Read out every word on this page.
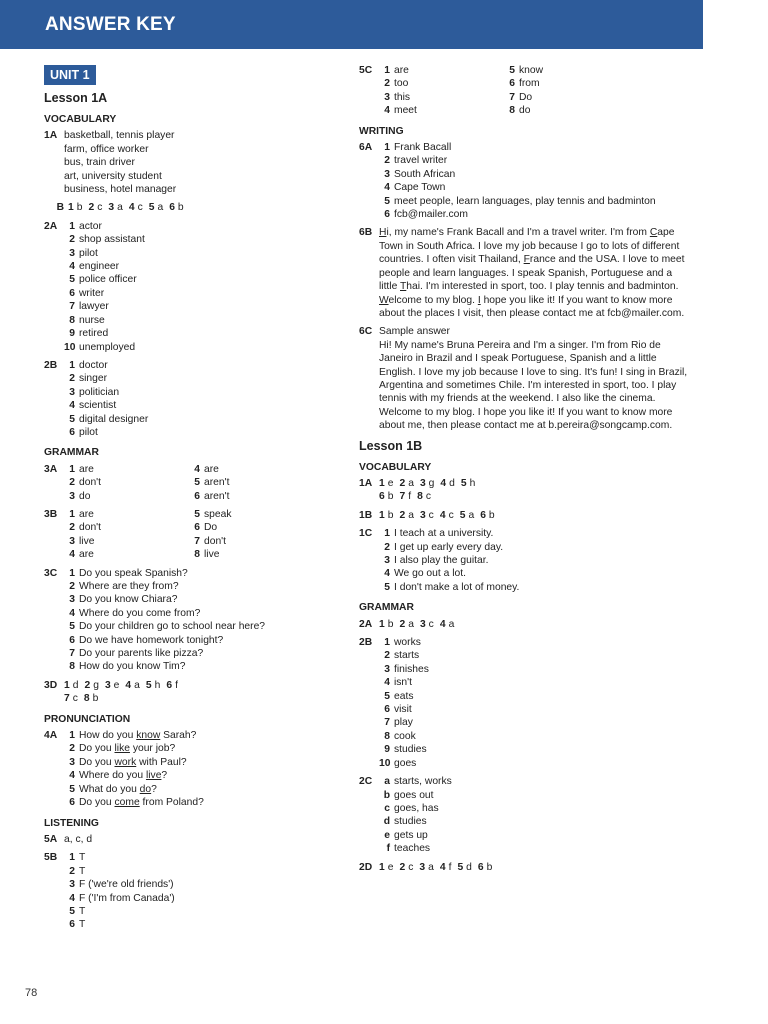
ANSWER KEY
UNIT 1
Lesson 1A
VOCABULARY
1A basketball, tennis player
farm, office worker
bus, train driver
art, university student
business, hotel manager
B 1 b 2 c 3 a 4 c 5 a 6 b
2A	1 actor
2 shop assistant
3 pilot
4 engineer
5 police officer
6 writer
7 lawyer
8 nurse
9 retired
10 unemployed
2B	1 doctor
2 singer
3 politician
4 scientist
5 digital designer
6 pilot
GRAMMAR
3A	1 are	4 are
2 don't	5 aren't
3 do	6 aren't
3B	1 are	5 speak
2 don't	6 Do
3 live	7 don't
4 are	8 live
3C	1 Do you speak Spanish?
2 Where are they from?
3 Do you know Chiara?
4 Where do you come from?
5 Do your children go to school near here?
6 Do we have homework tonight?
7 Do your parents like pizza?
8 How do you know Tim?
3D 1 d 2 g 3 e 4 a 5 h 6 f
7 c 8 b
PRONUNCIATION
4A	1 How do you know Sarah?
2 Do you like your job?
3 Do you work with Paul?
4 Where do you live?
5 What do you do?
6 Do you come from Poland?
LISTENING
5A a, c, d
5B	1 T
2 T
3 F ('we're old friends')
4 F ('I'm from Canada')
5 T
6 T
5C	1 are	5 know
2 too	6 from
3 this	7 Do
4 meet	8 do
WRITING
6A	1 Frank Bacall
2 travel writer
3 South African
4 Cape Town
5 meet people, learn languages, play tennis and badminton
6 fcb@mailer.com
6B Hi, my name's Frank Bacall and I'm a travel writer. I'm from Cape Town in South Africa. I love my job because I go to lots of different countries. I often visit Thailand, France and the USA. I love to meet people and learn languages. I speak Spanish, Portuguese and a little Thai. I'm interested in sport, too. I play tennis and badminton. Welcome to my blog. I hope you like it! If you want to know more about the places I visit, then please contact me at fcb@mailer.com.
6C Sample answer
Hi! My name's Bruna Pereira and I'm a singer. I'm from Rio de Janeiro in Brazil and I speak Portuguese, Spanish and a little English. I love my job because I love to sing. It's fun! I sing in Brazil, Argentina and sometimes Chile. I'm interested in sport, too. I play tennis with my friends at the weekend. I also like the cinema.
Welcome to my blog. I hope you like it! If you want to know more about me, then please contact me at b.pereira@songcamp.com.
Lesson 1B
VOCABULARY
1A 1 e 2 a 3 g 4 d 5 h
6 b 7 f 8 c
1B 1 b 2 a 3 c 4 c 5 a 6 b
1C	1 I teach at a university.
2 I get up early every day.
3 I also play the guitar.
4 We go out a lot.
5 I don't make a lot of money.
GRAMMAR
2A 1 b 2 a 3 c 4 a
2B	1 works
2 starts
3 finishes
4 isn't
5 eats
6 visit
7 play
8 cook
9 studies
10 goes
2C	a starts, works
b goes out
c goes, has
d studies
e gets up
f teaches
2D 1 e 2 c 3 a 4 f 5 d 6 b
78
